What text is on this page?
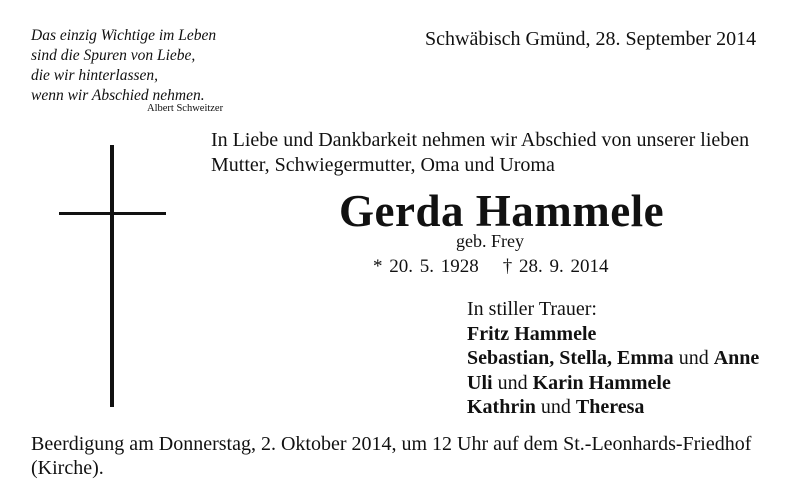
Das einzig Wichtige im Leben
sind die Spuren von Liebe,
die wir hinterlassen,
wenn wir Abschied nehmen.
Albert Schweitzer
Schwäbisch Gmünd, 28. September 2014
In Liebe und Dankbarkeit nehmen wir Abschied von unserer lieben
Mutter, Schwiegermutter, Oma und Uroma
Gerda Hammele
geb. Frey
* 20. 5. 1928 † 28. 9. 2014
In stiller Trauer:
Fritz Hammele
Sebastian, Stella, Emma und Anne
Uli und Karin Hammele
Kathrin und Theresa
Beerdigung am Donnerstag, 2. Oktober 2014, um 12 Uhr auf dem St.-Leonhards-Friedhof
(Kirche).
